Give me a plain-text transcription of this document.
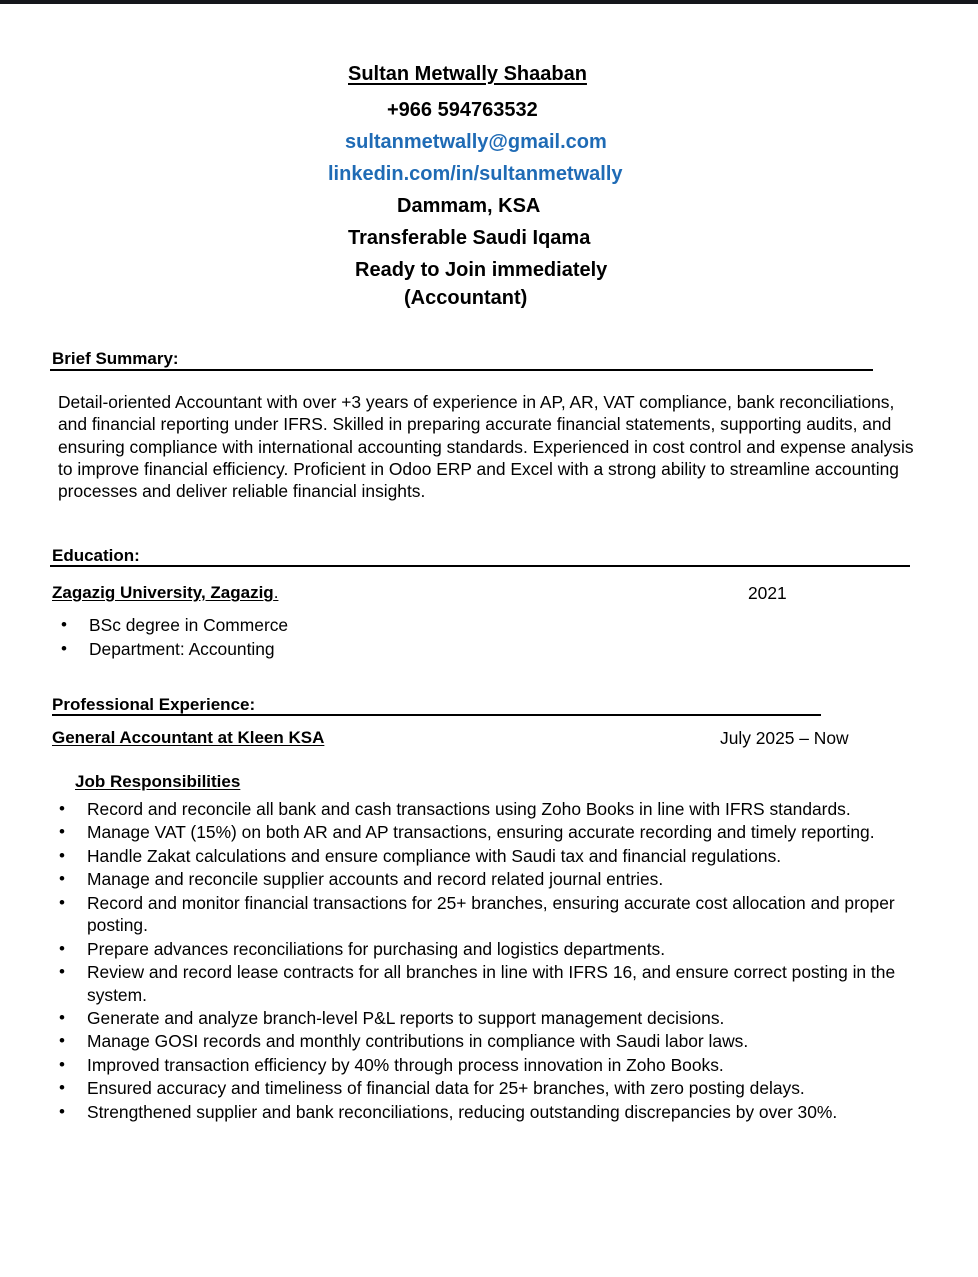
Sultan Metwally Shaaban
+966 594763532
sultanmetwally@gmail.com
linkedin.com/in/sultanmetwally
Dammam, KSA
Transferable Saudi Iqama
Ready to Join immediately
(Accountant)
Brief Summary:
Detail-oriented Accountant with over +3 years of experience in AP, AR, VAT compliance, bank reconciliations, and financial reporting under IFRS. Skilled in preparing accurate financial statements, supporting audits, and ensuring compliance with international accounting standards. Experienced in cost control and expense analysis to improve financial efficiency. Proficient in Odoo ERP and Excel with a strong ability to streamline accounting processes and deliver reliable financial insights.
Education:
Zagazig University, Zagazig.	2021
• BSc degree in Commerce
• Department: Accounting
Professional Experience:
General Accountant at Kleen KSA	July 2025 – Now
Job Responsibilities
• Record and reconcile all bank and cash transactions using Zoho Books in line with IFRS standards.
• Manage VAT (15%) on both AR and AP transactions, ensuring accurate recording and timely reporting.
• Handle Zakat calculations and ensure compliance with Saudi tax and financial regulations.
• Manage and reconcile supplier accounts and record related journal entries.
• Record and monitor financial transactions for 25+ branches, ensuring accurate cost allocation and proper posting.
• Prepare advances reconciliations for purchasing and logistics departments.
• Review and record lease contracts for all branches in line with IFRS 16, and ensure correct posting in the system.
• Generate and analyze branch-level P&L reports to support management decisions.
• Manage GOSI records and monthly contributions in compliance with Saudi labor laws.
• Improved transaction efficiency by 40% through process innovation in Zoho Books.
• Ensured accuracy and timeliness of financial data for 25+ branches, with zero posting delays.
• Strengthened supplier and bank reconciliations, reducing outstanding discrepancies by over 30%.
